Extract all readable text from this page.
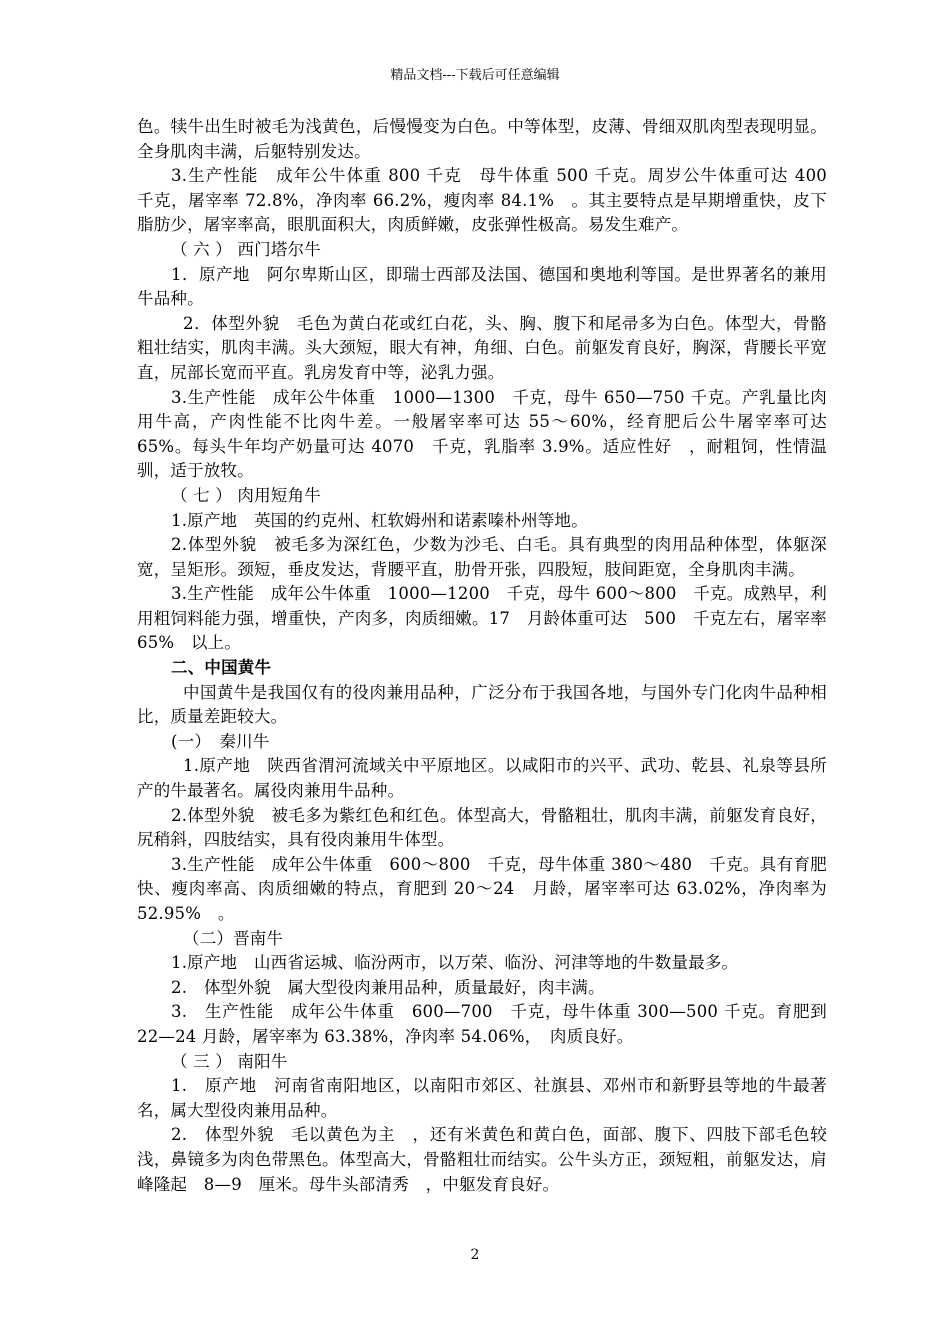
精品文档---下载后可任意编辑

色。犊牛出生时被毛为浅黄色，后慢慢变为白色。中等体型，皮薄、骨细双肌肉型表现明显。全身肌肉丰满，后躯特别发达。

3.生产性能　成年公牛体重 800 千克　母牛体重 500 千克。周岁公牛体重可达 400　千克，屠宰率 72.8%，净肉率 66.2%，瘦肉率 84.1%　。其主要特点是早期增重快，皮下脂肪少，屠宰率高，眼肌面积大，肉质鲜嫩，皮张弹性极高。易发生难产。

（ 六 ） 西门塔尔牛

1．原产地　阿尔卑斯山区，即瑞士西部及法国、德国和奥地利等国。是世界著名的兼用牛品种。

2．体型外貌　毛色为黄白花或红白花，头、胸、腹下和尾帚多为白色。体型大，骨骼粗壮结实，肌肉丰满。头大颈短，眼大有神，角细、白色。前躯发育良好，胸深，背腰长平宽直，尻部长宽而平直。乳房发育中等，泌乳力强。

3.生产性能　成年公牛体重　1000—1300　千克，母牛 650—750 千克。产乳量比肉用牛高，产肉性能不比肉牛差。一般屠宰率可达 55～60%，经育肥后公牛屠宰率可达 65%。每头牛年均产奶量可达 4070　千克，乳脂率 3.9%。适应性好　，耐粗饲，性情温驯，适于放牧。

（ 七 ） 肉用短角牛

1.原产地　英国的约克州、杠软姆州和诺素嗪朴州等地。

2.体型外貌　被毛多为深红色，少数为沙毛、白毛。具有典型的肉用品种体型，体躯深宽，呈矩形。颈短，垂皮发达，背腰平直，肋骨开张，四股短，肢间距宽，全身肌肉丰满。

3.生产性能　成年公牛体重　1000—1200　千克，母牛 600～800　千克。成熟早，利用粗饲料能力强，增重快，产肉多，肉质细嫩。17　月龄体重可达　500　千克左右，屠宰率　65%　以上。

二、中国黄牛

中国黄牛是我国仅有的役肉兼用品种，广泛分布于我国各地，与国外专门化肉牛品种相比，质量差距较大。

(一）　秦川牛

1.原产地　陕西省渭河流域关中平原地区。以咸阳市的兴平、武功、乾县、礼泉等县所产的牛最著名。属役肉兼用牛品种。

2.体型外貌　被毛多为紫红色和红色。体型高大，骨骼粗壮，肌肉丰满，前躯发育良好，尻稍斜，四肢结实，具有役肉兼用牛体型。

3.生产性能　成年公牛体重　600～800　千克，母牛体重 380～480　千克。具有育肥快、瘦肉率高、肉质细嫩的特点，育肥到 20～24　月龄，屠宰率可达 63.02%，净肉率为 52.95%　。

（二）晋南牛

1.原产地　山西省运城、临汾两市，以万荣、临汾、河津等地的牛数量最多。

2.　体型外貌　属大型役肉兼用品种，质量最好，肉丰满。

3.　生产性能　成年公牛体重　600—700　千克，母牛体重 300—500 千克。育肥到 22—24 月龄，屠宰率为 63.38%，净肉率 54.06%，　肉质良好。

（ 三 ） 南阳牛

1.　原产地　河南省南阳地区，以南阳市郊区、社旗县、邓州市和新野县等地的牛最著名，属大型役肉兼用品种。

2.　体型外貌　毛以黄色为主　，还有米黄色和黄白色，面部、腹下、四肢下部毛色较浅，鼻镜多为肉色带黑色。体型高大，骨骼粗壮而结实。公牛头方正，颈短粗，前躯发达，肩峰隆起　8—9　厘米。母牛头部清秀　，中躯发育良好。

2
